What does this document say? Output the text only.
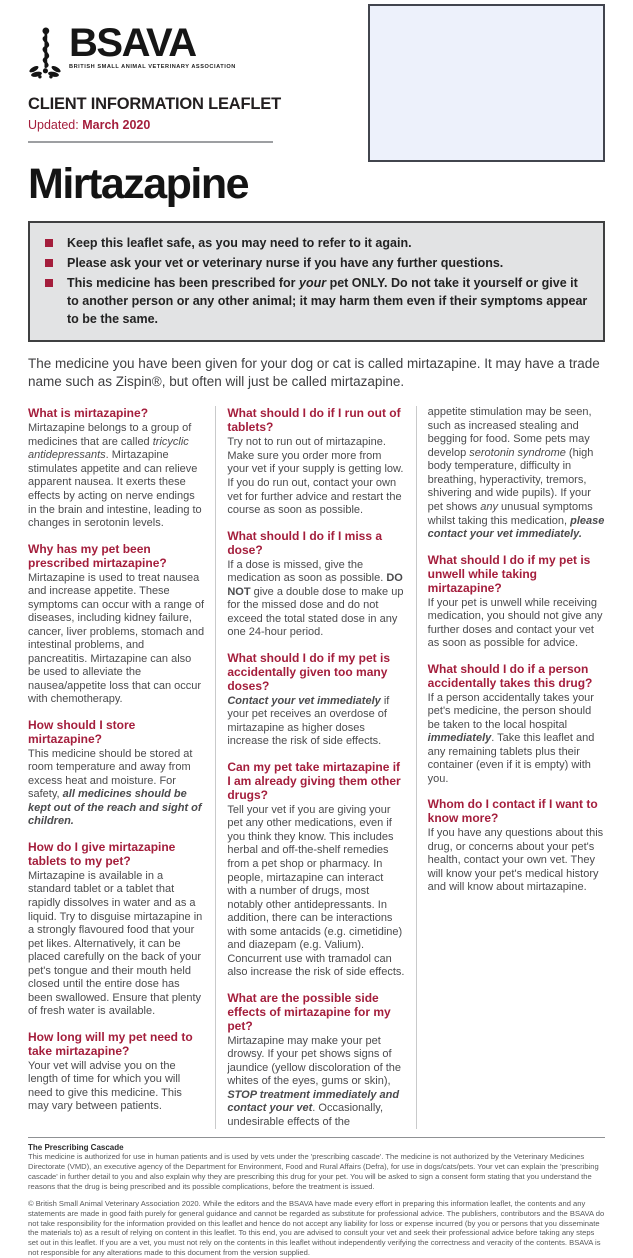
BSAVA
BRITISH SMALL ANIMAL VETERINARY ASSOCIATION
CLIENT INFORMATION LEAFLET
Updated: March 2020
Mirtazapine

Keep this leaflet safe, as you may need to refer to it again.

Please ask your vet or veterinary nurse if you have any further questions.

This medicine has been prescribed for your pet ONLY. Do not take it yourself or give it to another person or any other animal; it may harm them even if their symptoms appear to be the same.

The medicine you have been given for your dog or cat is called mirtazapine. It may have a trade name such as Zispin®, but often will just be called mirtazapine.

What is mirtazapine?

Mirtazapine belongs to a group of medicines that are called tricyclic antidepressants. Mirtazapine stimulates appetite and can relieve apparent nausea. It exerts these effects by acting on nerve endings in the brain and intestine, leading to changes in serotonin levels.

Why has my pet been prescribed mirtazapine?

Mirtazapine is used to treat nausea and increase appetite. These symptoms can occur with a range of diseases, including kidney failure, cancer, liver problems, stomach and intestinal problems, and pancreatitis. Mirtazapine can also be used to alleviate the nausea/appetite loss that can occur with chemotherapy.

How should I store mirtazapine?

This medicine should be stored at room temperature and away from excess heat and moisture. For safety, all medicines should be kept out of the reach and sight of children.

How do I give mirtazapine tablets to my pet?

Mirtazapine is available in a standard tablet or a tablet that rapidly dissolves in water and as a liquid. Try to disguise mirtazapine in a strongly flavoured food that your pet likes. Alternatively, it can be placed carefully on the back of your pet's tongue and their mouth held closed until the entire dose has been swallowed. Ensure that plenty of fresh water is available.

How long will my pet need to take mirtazapine?

Your vet will advise you on the length of time for which you will need to give this medicine. This may vary between patients.

What should I do if I run out of tablets?

Try not to run out of mirtazapine. Make sure you order more from your vet if your supply is getting low. If you do run out, contact your own vet for further advice and restart the course as soon as possible.

What should I do if I miss a dose?

If a dose is missed, give the medication as soon as possible. DO NOT give a double dose to make up for the missed dose and do not exceed the total stated dose in any one 24-hour period.

What should I do if my pet is accidentally given too many doses?

Contact your vet immediately if your pet receives an overdose of mirtazapine as higher doses increase the risk of side effects.

Can my pet take mirtazapine if I am already giving them other drugs?

Tell your vet if you are giving your pet any other medications, even if you think they know. This includes herbal and off-the-shelf remedies from a pet shop or pharmacy. In people, mirtazapine can interact with a number of drugs, most notably other antidepressants. In addition, there can be interactions with some antacids (e.g. cimetidine) and diazepam (e.g. Valium). Concurrent use with tramadol can also increase the risk of side effects.

What are the possible side effects of mirtazapine for my pet?

Mirtazapine may make your pet drowsy. If your pet shows signs of jaundice (yellow discoloration of the whites of the eyes, gums or skin), STOP treatment immediately and contact your vet. Occasionally, undesirable effects of the

appetite stimulation may be seen, such as increased stealing and begging for food. Some pets may develop serotonin syndrome (high body temperature, difficulty in breathing, hyperactivity, tremors, shivering and wide pupils). If your pet shows any unusual symptoms whilst taking this medication, please contact your vet immediately.

What should I do if my pet is unwell while taking mirtazapine?

If your pet is unwell while receiving medication, you should not give any further doses and contact your vet as soon as possible for advice.

What should I do if a person accidentally takes this drug?

If a person accidentally takes your pet's medicine, the person should be taken to the local hospital immediately. Take this leaflet and any remaining tablets plus their container (even if it is empty) with you.

Whom do I contact if I want to know more?

If you have any questions about this drug, or concerns about your pet's health, contact your own vet. They will know your pet's medical history and will know about mirtazapine.

The Prescribing Cascade

This medicine is authorized for use in human patients and is used by vets under the 'prescribing cascade'. The medicine is not authorized by the Veterinary Medicines Directorate (VMD), an executive agency of the Department for Environment, Food and Rural Affairs (Defra), for use in dogs/cats/pets. Your vet can explain the 'prescribing cascade' in further detail to you and also explain why they are prescribing this drug for your pet. You will be asked to sign a consent form stating that you understand the reasons that the drug is being prescribed and its possible complications, before the treatment is issued.

© British Small Animal Veterinary Association 2020. While the editors and the BSAVA have made every effort in preparing this information leaflet, the contents and any statements are made in good faith purely for general guidance and cannot be regarded as substitute for professional advice. The publishers, contributors and the BSAVA do not take responsibility for the information provided on this leaflet and hence do not accept any liability for loss or expense incurred (by you or persons that you disseminate the materials to) as a result of relying on content in this leaflet. To this end, you are advised to consult your vet and seek their professional advice before taking any steps set out in this leaflet. If you are a vet, you must not rely on the contents in this leaflet without independently verifying the correctness and veracity of the contents. BSAVA is not responsible for any alterations made to this document from the version supplied.
